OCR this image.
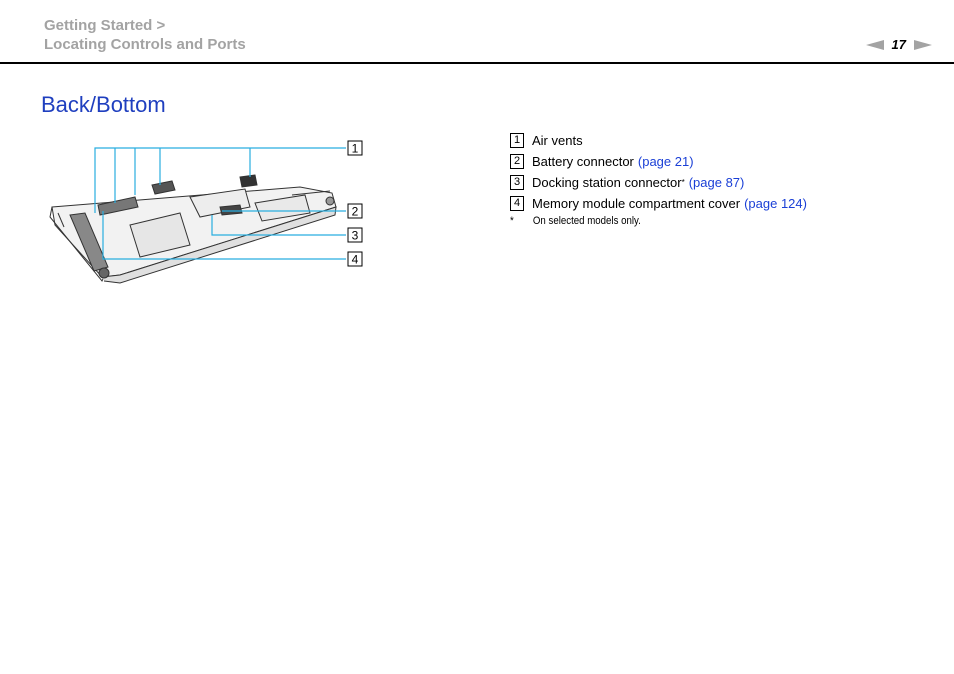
Getting Started >
Locating Controls and Ports	17
Back/Bottom
1
2
3
4
1 Air vents
2 Battery connector (page 21)
3 Docking station connector * (page 87)
4 Memory module compartment cover (page 124)
*	On selected models only.
